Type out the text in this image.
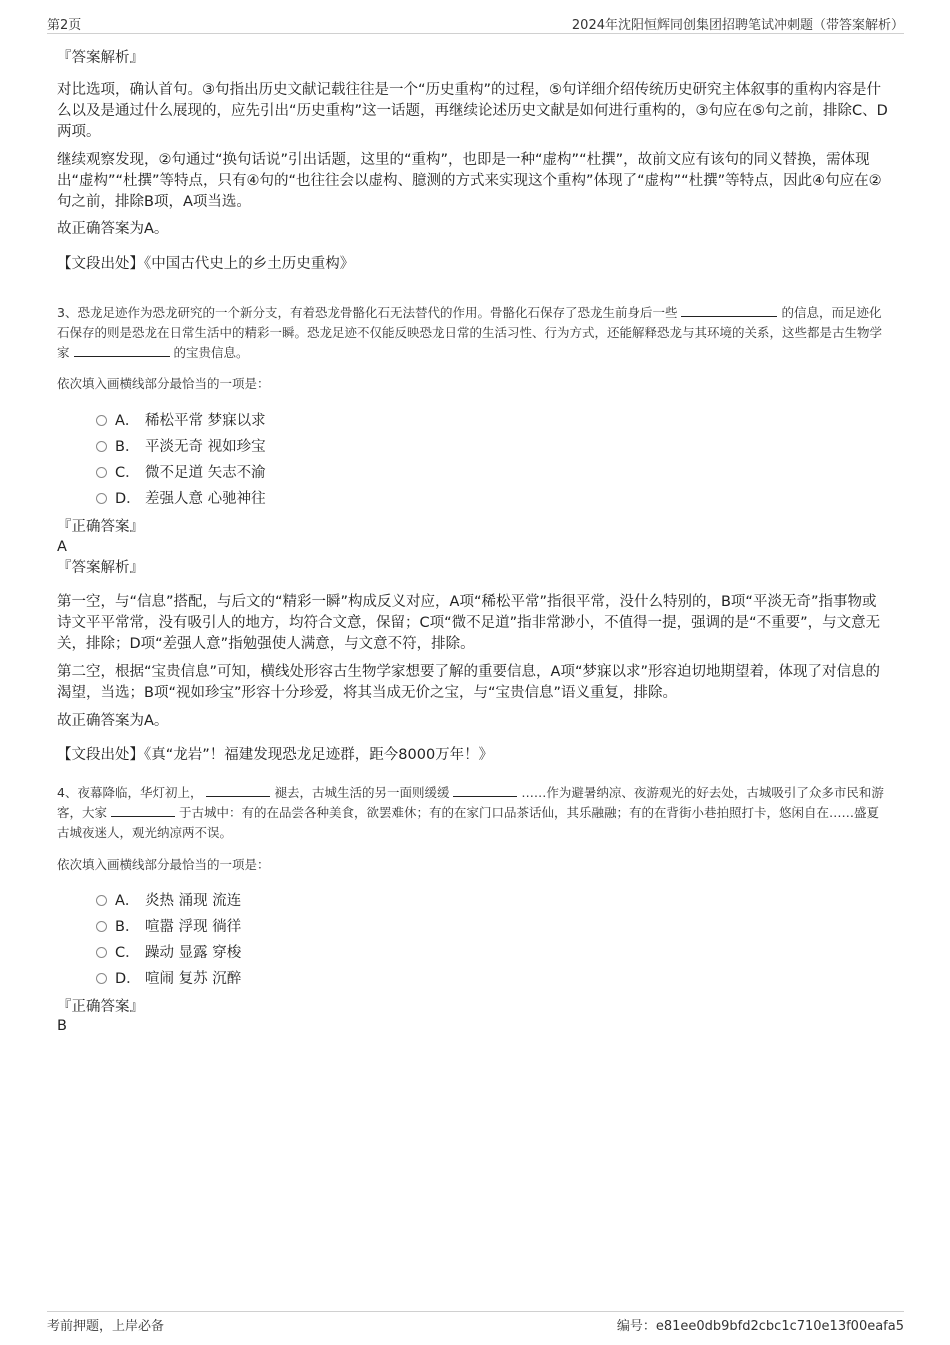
第2页	2024年沈阳恒辉同创集团招聘笔试冲刺题（带答案解析）
『答案解析』
对比选项，确认首句。③句指出历史文献记载往往是一个“历史重构”的过程，⑤句详细介绍传统历史研究主体叙事的重构内容是什么以及是通过什么展现的，应先引出“历史重构”这一话题，再继续论述历史文献是如何进行重构的，③句应在⑤句之前，排除C、D两项。
继续观察发现，②句通过“换句话说”引出话题，这里的“重构”，也即是一种“虚构”“杜撰”，故前文应有该句的同义替换，需体现出“虚构”“杜撰”等特点，只有④句的“也往往会以虚构、臆测的方式来实现这个重构”体现了“虚构”“杜撰”等特点，因此④句应在②句之前，排除B项，A项当选。
故正确答案为A。
【文段出处】《中国古代史上的乡土历史重构》
3、恐龙足迹作为恐龙研究的一个新分支，有着恐龙骨骼化石无法替代的作用。骨骼化石保存了恐龙生前身后一些	的信息，而足迹化石保存的则是恐龙在日常生活中的精彩一瞬。恐龙足迹不仅能反映恐龙日常的生活习性、行为方式，还能解释恐龙与其环境的关系，这些都是古生物学家	的宝贵信息。
依次填入画横线部分最恰当的一项是：
A． 稀松平常 梦寐以求
B． 平淡无奇 视如珍宝
C． 微不足道 矢志不渝
D． 差强人意 心驰神往
『正确答案』
A
『答案解析』
第一空，与“信息”搭配，与后文的“精彩一瞬”构成反义对应，A项“稀松平常”指很平常，没什么特别的，B项“平淡无奇”指事物或诗文平平常常，没有吸引人的地方，均符合文意，保留；C项“微不足道”指非常渺小，不值得一提，强调的是“不重要”，与文意无关，排除；D项“差强人意”指勉强使人满意，与文意不符，排除。
第二空，根据“宝贵信息”可知，横线处形容古生物学家想要了解的重要信息，A项“梦寐以求”形容迫切地期望着，体现了对信息的渴望，当选；B项“视如珍宝”形容十分珍爱，将其当成无价之宝，与“宝贵信息”语义重复，排除。
故正确答案为A。
【文段出处】《真“龙岩”！福建发现恐龙足迹群，距今8000万年！》
4、夜幕降临，华灯初上，	褪去，古城生活的另一面则缓缓	……作为避暑纳凉、夜游观光的好去处，古城吸引了众多市民和游客，大家	于古城中：有的在品尝各种美食，欲罢难休；有的在家门口品茶话仙，其乐融融；有的在背街小巷拍照打卡，悠闲自在……盛夏古城夜迷人，观光纳凉两不误。
依次填入画横线部分最恰当的一项是：
A． 炎热 涌现 流连
B． 喧嚣 浮现 徜徉
C． 躁动 显露 穿梭
D． 喧闹 复苏 沉醉
『正确答案』
B
考前押题，上岸必备	编号：e81ee0db9bfd2cbc1c710e13f00eafa5
